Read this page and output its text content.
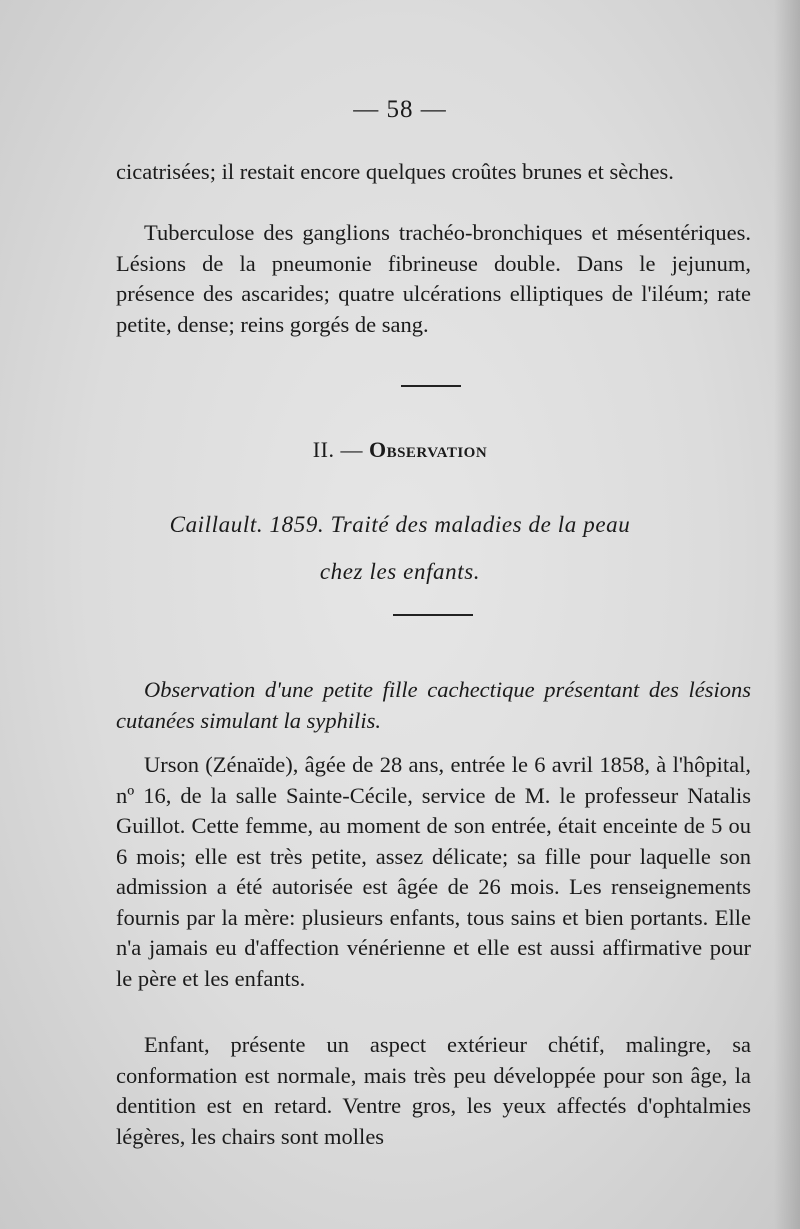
— 58 —

cicatrisées; il restait encore quelques croûtes brunes et sèches.

Tuberculose des ganglions trachéo-bronchiques et mésentériques. Lésions de la pneumonie fibrineuse double. Dans le jejunum, présence des ascarides; quatre ulcérations elliptiques de l'iléum; rate petite, dense; reins gorgés de sang.

II. — Observation
Caillault. 1859. Traité des maladies de la peau
chez les enfants.

Observation d'une petite fille cachectique présentant des lésions cutanées simulant la syphilis.

Urson (Zénaïde), âgée de 28 ans, entrée le 6 avril 1858, à l'hôpital, nº 16, de la salle Sainte-Cécile, service de M. le professeur Natalis Guillot. Cette femme, au moment de son entrée, était enceinte de 5 ou 6 mois; elle est très petite, assez délicate; sa fille pour laquelle son admission a été autorisée est âgée de 26 mois. Les renseignements fournis par la mère: plusieurs enfants, tous sains et bien portants. Elle n'a jamais eu d'affection vénérienne et elle est aussi affirmative pour le père et les enfants.

Enfant, présente un aspect extérieur chétif, malingre, sa conformation est normale, mais très peu développée pour son âge, la dentition est en retard. Ventre gros, les yeux affectés d'ophtalmies légères, les chairs sont molles
